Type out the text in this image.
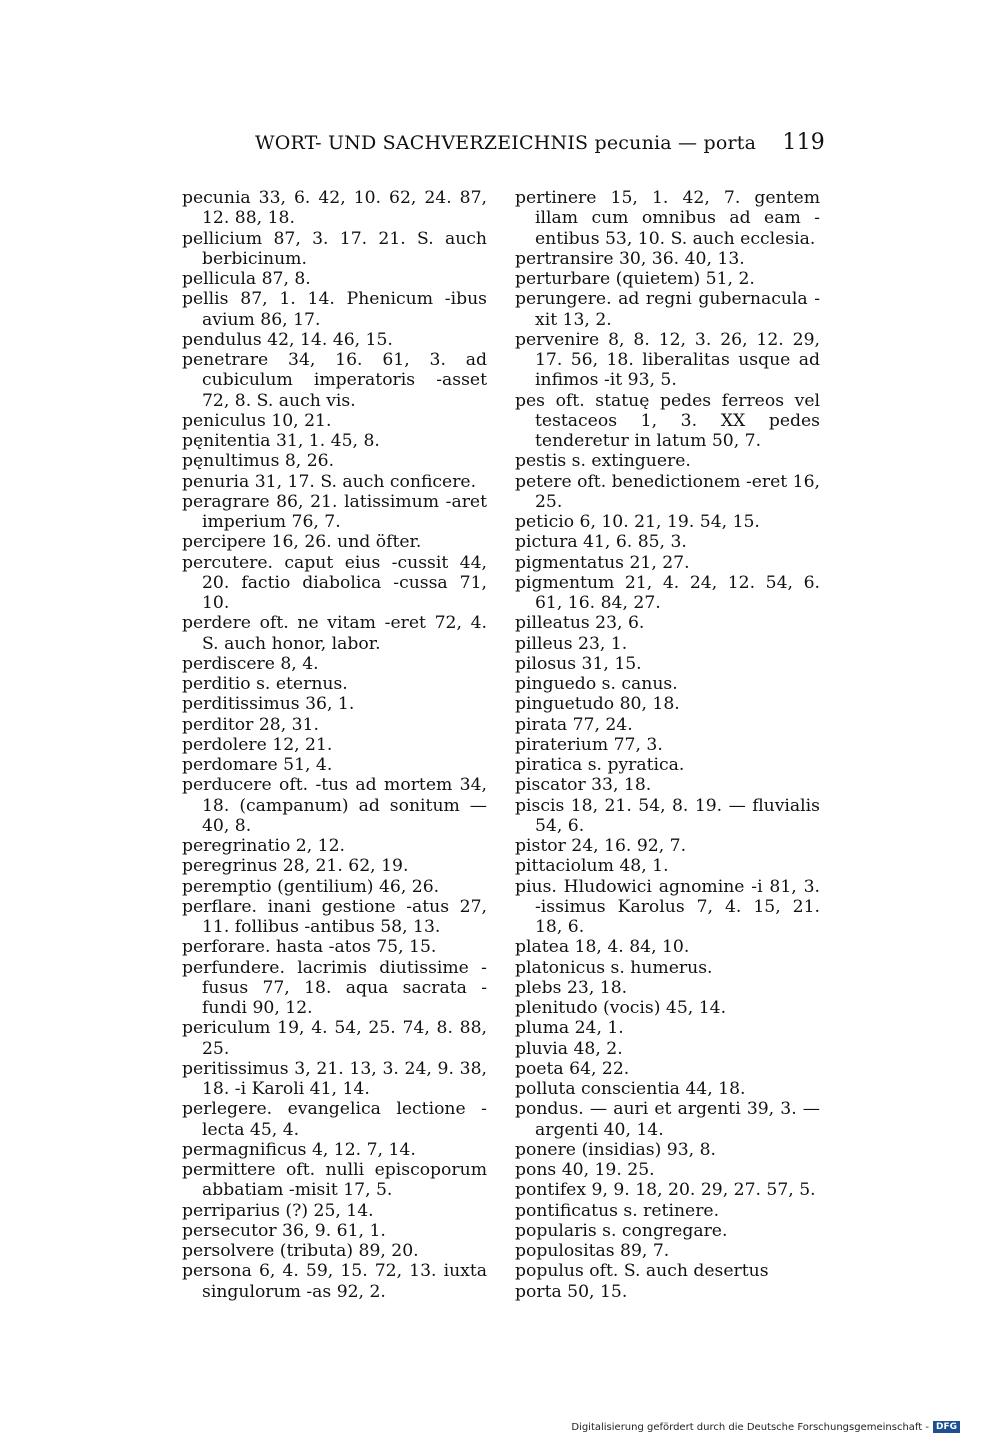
WORT- UND SACHVERZEICHNIS pecunia — porta 119
pecunia 33, 6. 42, 10. 62, 24. 87, 12. 88, 18.
pellicium 87, 3. 17. 21. S. auch berbicinum.
pellicula 87, 8.
pellis 87, 1. 14. Phenicum -ibus avium 86, 17.
pendulus 42, 14. 46, 15.
penetrare 34, 16. 61, 3. ad cubiculum imperatoris -asset 72, 8. S. auch vis.
peniculus 10, 21.
pęnitentia 31, 1. 45, 8.
pęnultimus 8, 26.
penuria 31, 17. S. auch conficere.
peragrare 86, 21. latissimum -aret imperium 76, 7.
percipere 16, 26. und öfter.
percutere. caput eius -cussit 44, 20. factio diabolica -cussa 71, 10.
perdere oft. ne vitam -eret 72, 4. S. auch honor, labor.
perdiscere 8, 4.
perditio s. eternus.
perditissimus 36, 1.
perditor 28, 31.
perdolere 12, 21.
perdomare 51, 4.
perducere oft. -tus ad mortem 34, 18. (campanum) ad sonitum — 40, 8.
peregrinatio 2, 12.
peregrinus 28, 21. 62, 19.
peremptio (gentilium) 46, 26.
perflare. inani gestione -atus 27, 11. follibus -antibus 58, 13.
perforare. hasta -atos 75, 15.
perfundere. lacrimis diutissime -fusus 77, 18. aqua sacrata -fundi 90, 12.
periculum 19, 4. 54, 25. 74, 8. 88, 25.
peritissimus 3, 21. 13, 3. 24, 9. 38, 18. -i Karoli 41, 14.
perlegere. evangelica lectione -lecta 45, 4.
permagnificus 4, 12. 7, 14.
permittere oft. nulli episcoporum abbatiam -misit 17, 5.
perriparius (?) 25, 14.
persecutor 36, 9. 61, 1.
persolvere (tributa) 89, 20.
persona 6, 4. 59, 15. 72, 13. iuxta singulorum -as 92, 2.
pertinere 15, 1. 42, 7. gentem illam cum omnibus ad eam -entibus 53, 10. S. auch ecclesia.
pertransire 30, 36. 40, 13.
perturbare (quietem) 51, 2.
perungere. ad regni gubernacula -xit 13, 2.
pervenire 8, 8. 12, 3. 26, 12. 29, 17. 56, 18. liberalitas usque ad infimos -it 93, 5.
pes oft. statuę pedes ferreos vel testaceos 1, 3. XX pedes tenderetur in latum 50, 7.
pestis s. extinguere.
petere oft. benedictionem -eret 16, 25.
peticio 6, 10. 21, 19. 54, 15.
pictura 41, 6. 85, 3.
pigmentatus 21, 27.
pigmentum 21, 4. 24, 12. 54, 6. 61, 16. 84, 27.
pilleatus 23, 6.
pilleus 23, 1.
pilosus 31, 15.
pinguedo s. canus.
pinguetudo 80, 18.
pirata 77, 24.
piraterium 77, 3.
piratica s. pyratica.
piscator 33, 18.
piscis 18, 21. 54, 8. 19. — fluvialis 54, 6.
pistor 24, 16. 92, 7.
pittaciolum 48, 1.
pius. Hludowici agnomine -i 81, 3. -issimus Karolus 7, 4. 15, 21. 18, 6.
platea 18, 4. 84, 10.
platonicus s. humerus.
plebs 23, 18.
plenitudo (vocis) 45, 14.
pluma 24, 1.
pluvia 48, 2.
poeta 64, 22.
polluta conscientia 44, 18.
pondus. — auri et argenti 39, 3. — argenti 40, 14.
ponere (insidias) 93, 8.
pons 40, 19. 25.
pontifex 9, 9. 18, 20. 29, 27. 57, 5.
pontificatus s. retinere.
popularis s. congregare.
populositas 89, 7.
populus oft. S. auch desertus
porta 50, 15.
Digitalisierung gefördert durch die Deutsche Forschungsgemeinschaft - DFG
